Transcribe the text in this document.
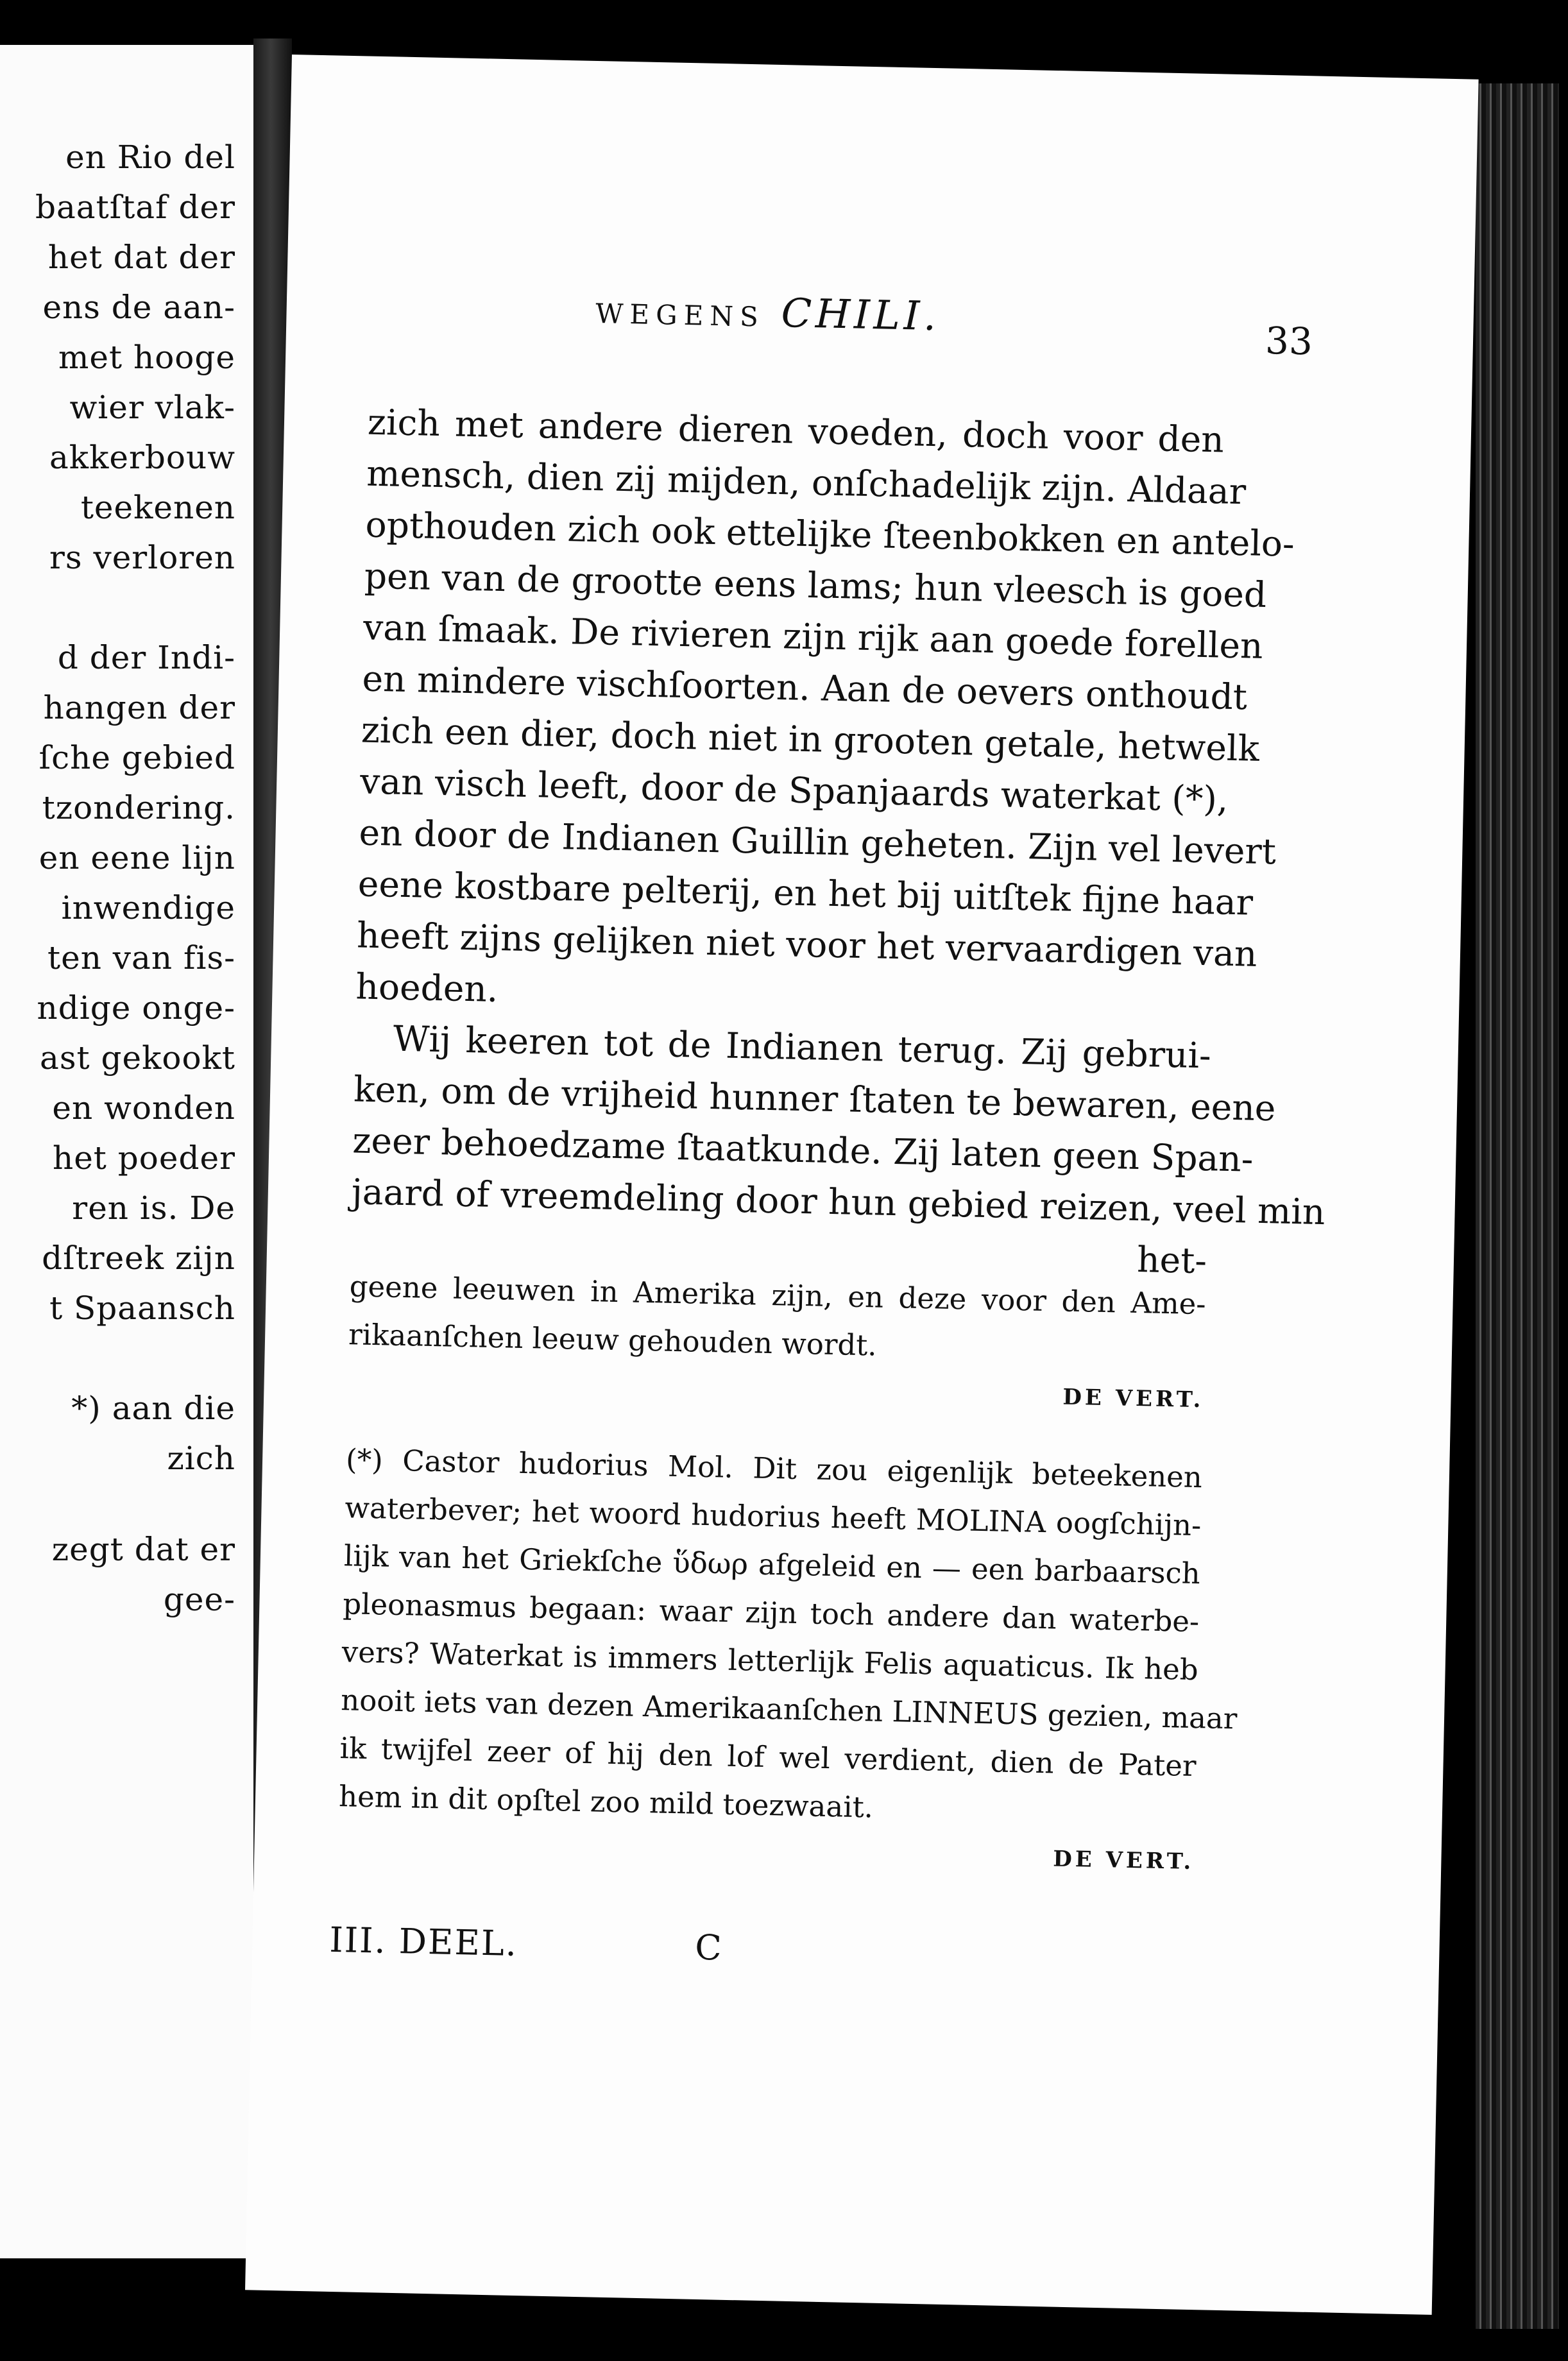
en Rio del
baatſtaf der
het dat der
ens de aan-
met hooge
wier vlak-
akkerbouw
teekenen
rs verloren
d der Indi-
hangen der
ſche gebied
tzondering.
en eene lijn
inwendige
ten van fis-
ndige onge-
ast gekookt
en wonden
het poeder
ren is. De
dſtreek zijn
t Spaansch
*) aan die
zich
zegt dat er
gee-
WEGENS CHILI.
33
zich met andere dieren voeden, doch voor den
mensch, dien zij mijden, onſchadelijk zijn. Aldaar
opthouden zich ook ettelijke ſteenbokken en antelo-
pen van de grootte eens lams; hun vleesch is goed
van ſmaak. De rivieren zijn rijk aan goede forellen
en mindere vischſoorten. Aan de oevers onthoudt
zich een dier, doch niet in grooten getale, hetwelk
van visch leeft, door de Spanjaards waterkat (*),
en door de Indianen Guillin geheten. Zijn vel levert
eene kostbare pelterij, en het bij uitſtek fijne haar
heeft zijns gelijken niet voor het vervaardigen van
hoeden.
Wij keeren tot de Indianen terug. Zij gebrui-
ken, om de vrijheid hunner ſtaten te bewaren, eene
zeer behoedzame ſtaatkunde. Zij laten geen Span-
jaard of vreemdeling door hun gebied reizen, veel min
het-
geene leeuwen in Amerika zijn, en deze voor den Ame-
rikaanſchen leeuw gehouden wordt.
DE VERT.
(*) Castor hudorius Mol. Dit zou eigenlijk beteekenen
waterbever; het woord hudorius heeft MOLINA oogſchijn-
lijk van het Griekſche ὕδωρ afgeleid en — een barbaarsch
pleonasmus begaan: waar zijn toch andere dan waterbe-
vers? Waterkat is immers letterlijk Felis aquaticus. Ik heb
nooit iets van dezen Amerikaanſchen LINNEUS gezien, maar
ik twijfel zeer of hij den lof wel verdient, dien de Pater
hem in dit opſtel zoo mild toezwaait.
DE VERT.
III. DEEL.	C
